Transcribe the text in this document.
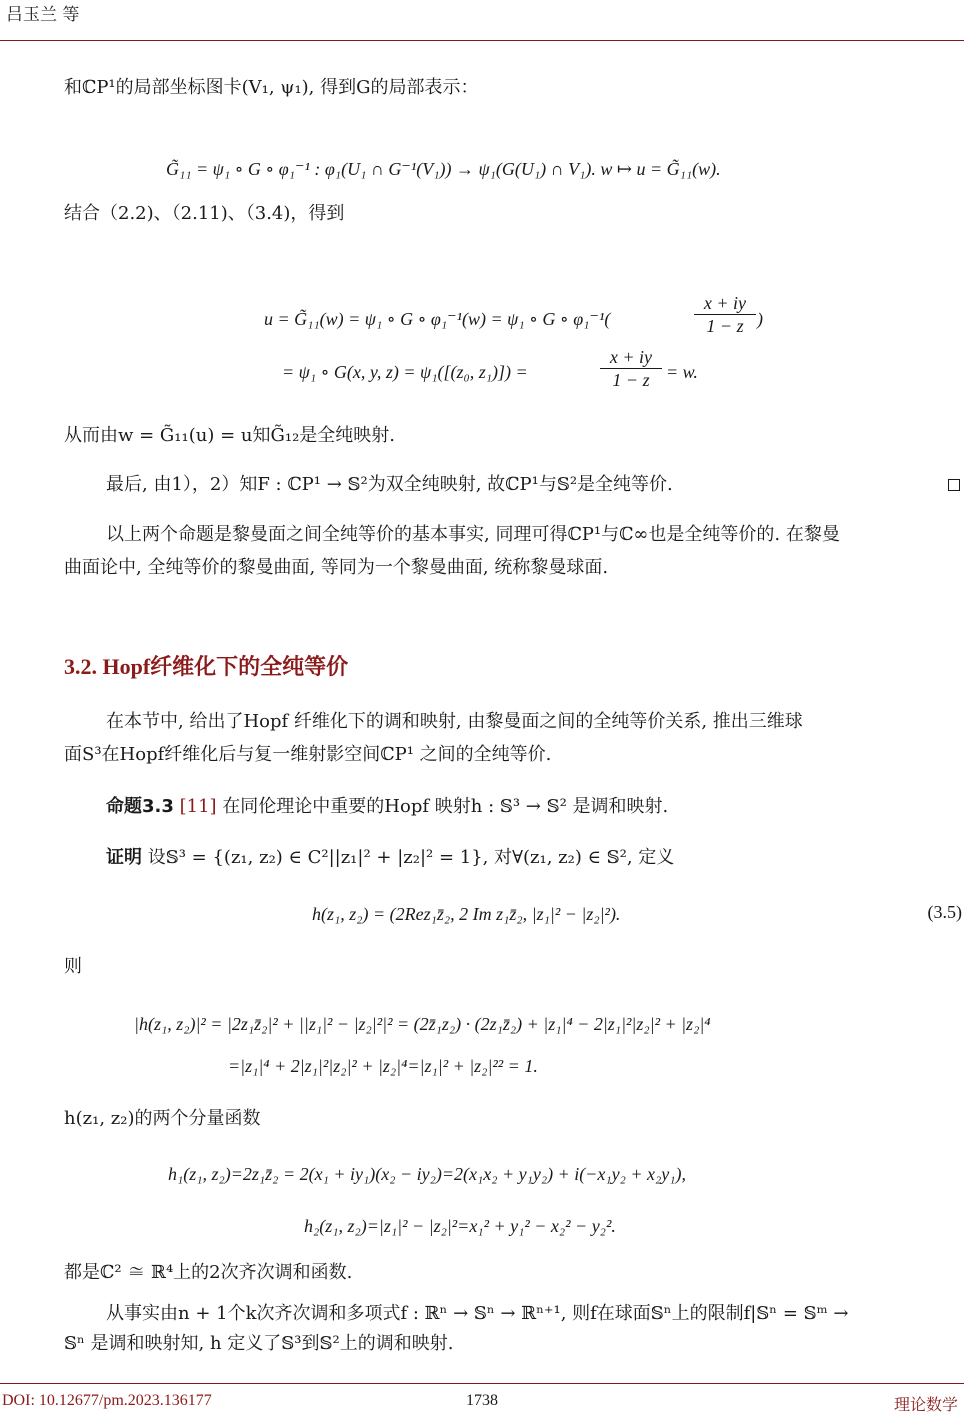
吕玉兰 等
和ℂP¹的局部坐标图卡(V₁, ψ₁), 得到G的局部表示：
G̃₁₁ = ψ₁ ∘ G ∘ φ₁⁻¹ : φ₁(U₁ ∩ G⁻¹(V₁)) → ψ₁(G(U₁) ∩ V₁). w ↦ u = G̃₁₁(w).
结合（2.2)、（2.11)、（3.4)，得到
u = G̃₁₁(w) = ψ₁ ∘ G ∘ φ₁⁻¹(w) = ψ₁ ∘ G ∘ φ₁⁻¹(	$\frac{x + iy}{1 - z}$ )
= ψ₁ ∘ G(x, y, z) = ψ₁([(z₀, z₁)]) =	$\frac{x + iy}{1 - z} = w$.
从而由w = G̃₁₁(u) = u知G̃₁₂是全纯映射.
最后, 由1），2）知F : ℂP¹ → 𝕊²为双全纯映射, 故ℂP¹与𝕊²是全纯等价.
以上两个命题是黎曼面之间全纯等价的基本事实, 同理可得ℂP¹与ℂ∞也是全纯等价的. 在黎曼
曲面论中, 全纯等价的黎曼曲面, 等同为一个黎曼曲面, 统称黎曼球面.
3.2. Hopf纤维化下的全纯等价
在本节中, 给出了Hopf 纤维化下的调和映射, 由黎曼面之间的全纯等价关系, 推出三维球
面S³在Hopf纤维化后与复一维射影空间ℂP¹ 之间的全纯等价.
命题3.3 [11] 在同伦理论中重要的Hopf 映射h : 𝕊³ → 𝕊² 是调和映射.
证明 设𝕊³ = {(z₁, z₂) ∈ C²||z₁|² + |z₂|² = 1}, 对∀(z₁, z₂) ∈ 𝕊², 定义
h(z₁, z₂) = (2Rez₁z̄₂, 2 Im z₁z̄₂, |z₁|² − |z₂|²).	(3.5)
则
|h(z₁, z₂)|² = |2z₁z̄₂|² + ||z₁|² − |z₂|²|² = (2z̄₁z₂) · (2z₁z̄₂) + |z₁|⁴ − 2|z₁|²|z₂|² + |z₂|⁴
=|z₁|⁴ + 2|z₁|²|z₂|² + |z₂|⁴=|z₁|² + |z₂|²² = 1.
h(z₁, z₂)的两个分量函数
h₁(z₁, z₂)=2z₁z̄₂ = 2(x₁ + iy₁)(x₂ − iy₂)=2(x₁x₂ + y₁y₂) + i(−x₁y₂ + x₂y₁),
h₂(z₁, z₂)=|z₁|² − |z₂|²=x₁² + y₁² − x₂² − y₂².
都是ℂ² ≅ ℝ⁴上的2次齐次调和函数.
从事实由n + 1个k次齐次调和多项式f : ℝⁿ → 𝕊ⁿ → ℝⁿ⁺¹, 则f在球面𝕊ⁿ上的限制f|𝕊ⁿ = 𝕊ᵐ →
𝕊ⁿ 是调和映射知, h 定义了𝕊³到𝕊²上的调和映射.
DOI: 10.12677/pm.2023.136177	1738	理论数学
